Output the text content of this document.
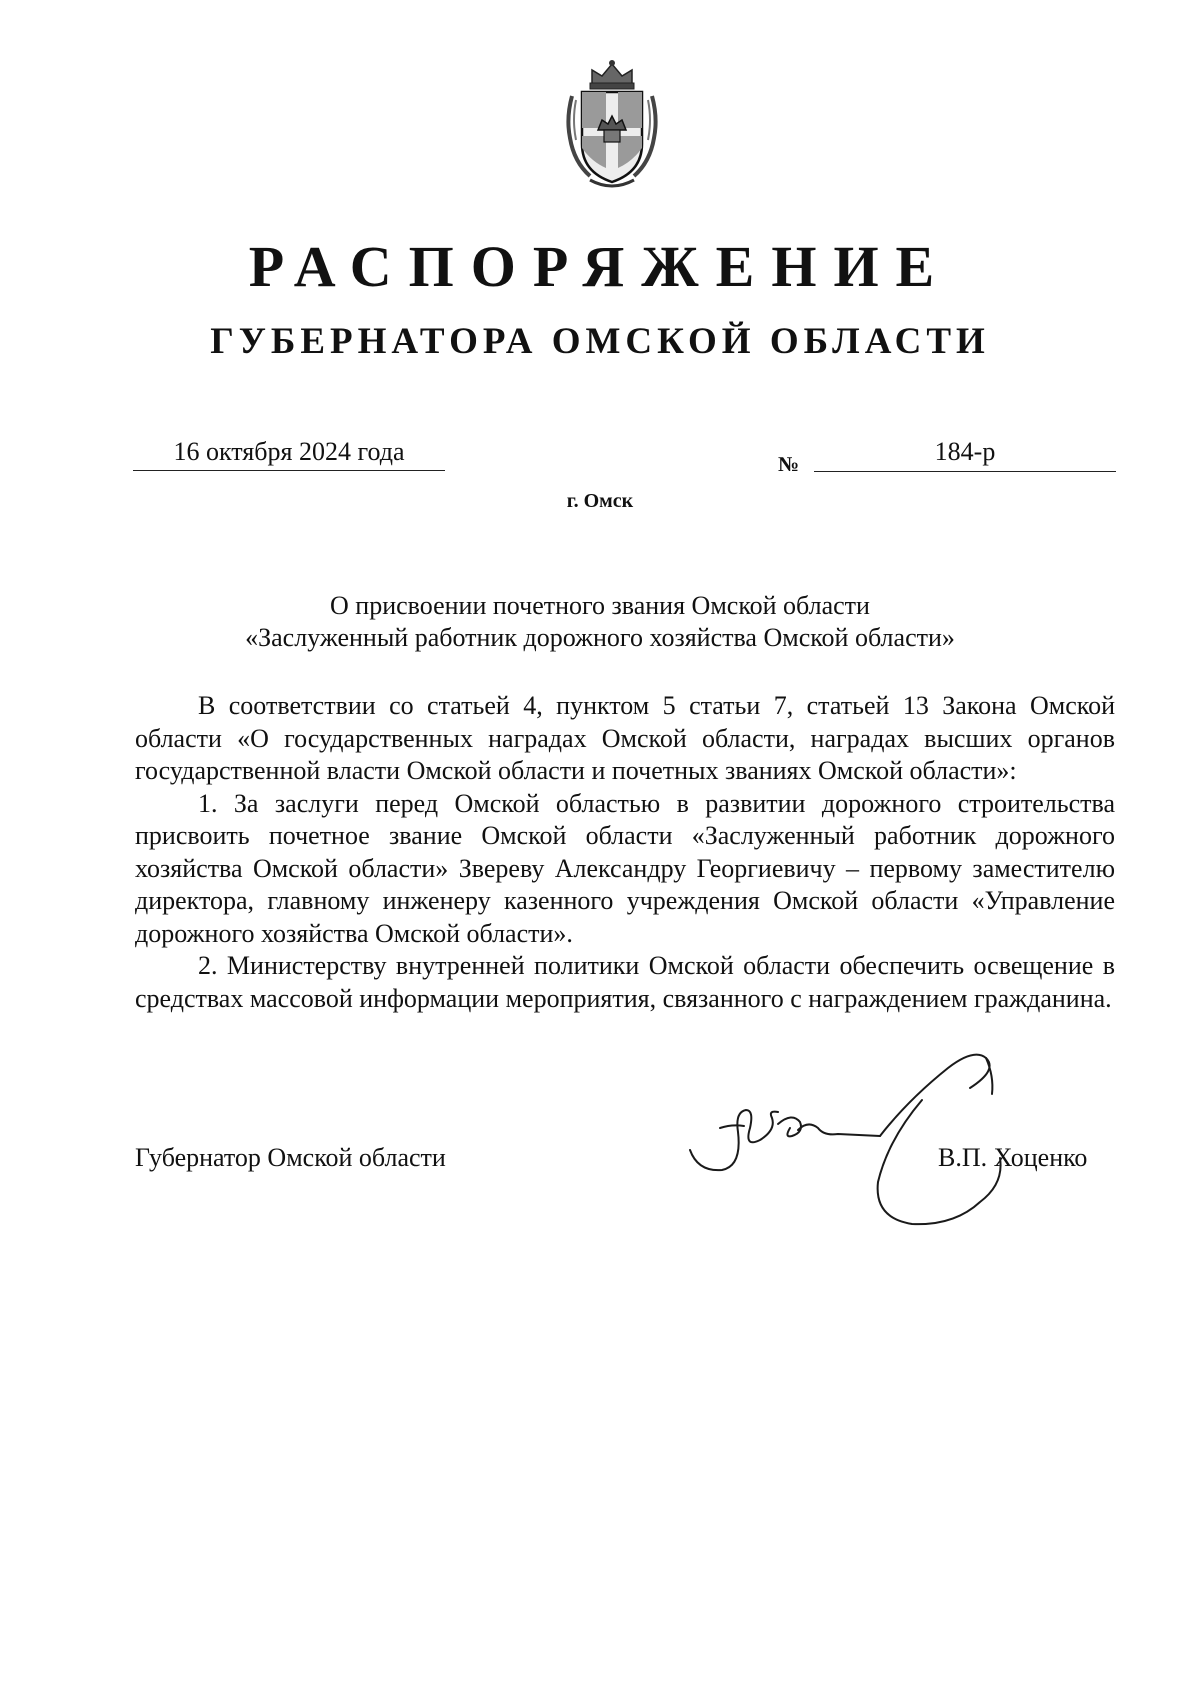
РАСПОРЯЖЕНИЕ
ГУБЕРНАТОРА ОМСКОЙ ОБЛАСТИ
16 октября 2024 года	№	184-р
г. Омск
О присвоении почетного звания Омской области
«Заслуженный работник дорожного хозяйства Омской области»

В соответствии со статьей 4, пунктом 5 статьи 7, статьей 13 Закона Омской области «О государственных наградах Омской области, наградах высших органов государственной власти Омской области и почетных званиях Омской области»:

1. За заслуги перед Омской областью в развитии дорожного строительства присвоить почетное звание Омской области «Заслуженный работник дорожного хозяйства Омской области» Звереву Александру Георгиевичу – первому заместителю директора, главному инженеру казенного учреждения Омской области «Управление дорожного хозяйства Омской области».

2. Министерству внутренней политики Омской области обеспечить освещение в средствах массовой информации мероприятия, связанного с награждением гражданина.

Губернатор Омской области	В.П. Хоценко
